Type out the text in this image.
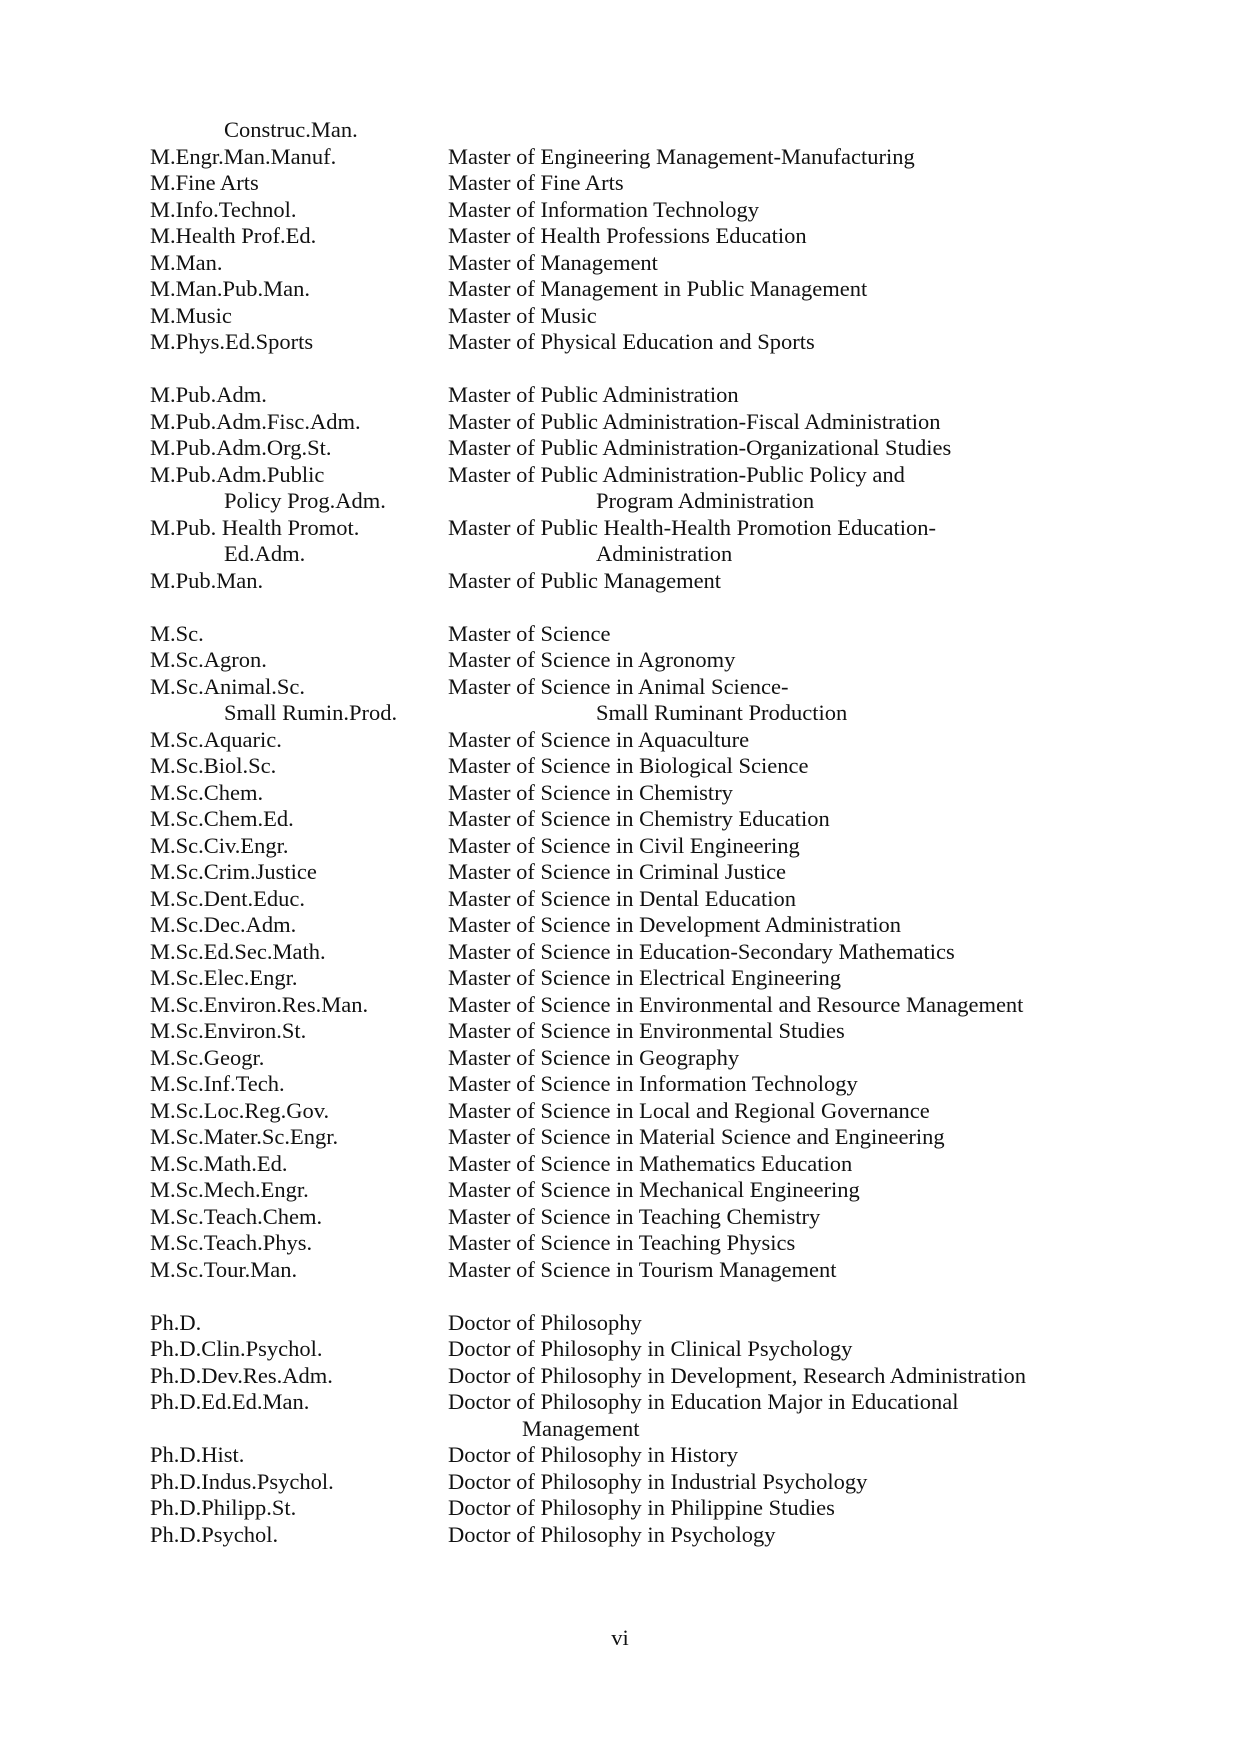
Construc.Man.
M.Engr.Man.Manuf.	Master of Engineering Management-Manufacturing
M.Fine Arts	Master of Fine Arts
M.Info.Technol.	Master of Information Technology
M.Health Prof.Ed.	Master of Health Professions Education
M.Man.	Master of Management
M.Man.Pub.Man.	Master of Management in Public Management
M.Music	Master of Music
M.Phys.Ed.Sports	Master of Physical Education and Sports
M.Pub.Adm.	Master of Public Administration
M.Pub.Adm.Fisc.Adm.	Master of Public Administration-Fiscal Administration
M.Pub.Adm.Org.St.	Master of Public Administration-Organizational Studies
M.Pub.Adm.Public	Master of Public Administration-Public Policy and
Policy Prog.Adm.	Program Administration
M.Pub. Health Promot.	Master of Public Health-Health Promotion Education-
Ed.Adm.	Administration
M.Pub.Man.	Master of Public Management
M.Sc.	Master of Science
M.Sc.Agron.	Master of Science in Agronomy
M.Sc.Animal.Sc.	Master of Science in Animal Science-
Small Rumin.Prod.	Small Ruminant Production
M.Sc.Aquaric.	Master of Science in Aquaculture
M.Sc.Biol.Sc.	Master of Science in Biological Science
M.Sc.Chem.	Master of Science in Chemistry
M.Sc.Chem.Ed.	Master of Science in Chemistry Education
M.Sc.Civ.Engr.	Master of Science in Civil Engineering
M.Sc.Crim.Justice	Master of Science in Criminal Justice
M.Sc.Dent.Educ.	Master of Science in Dental Education
M.Sc.Dec.Adm.	Master of Science in Development Administration
M.Sc.Ed.Sec.Math.	Master of Science in Education-Secondary Mathematics
M.Sc.Elec.Engr.	Master of Science in Electrical Engineering
M.Sc.Environ.Res.Man.	Master of Science in Environmental and Resource Management
M.Sc.Environ.St.	Master of Science in Environmental Studies
M.Sc.Geogr.	Master of Science in Geography
M.Sc.Inf.Tech.	Master of Science in Information Technology
M.Sc.Loc.Reg.Gov.	Master of Science in Local and Regional Governance
M.Sc.Mater.Sc.Engr.	Master of Science in Material Science and Engineering
M.Sc.Math.Ed.	Master of Science in Mathematics Education
M.Sc.Mech.Engr.	Master of Science in Mechanical Engineering
M.Sc.Teach.Chem.	Master of Science in Teaching Chemistry
M.Sc.Teach.Phys.	Master of Science in Teaching Physics
M.Sc.Tour.Man.	Master of Science in Tourism Management
Ph.D.	Doctor of Philosophy
Ph.D.Clin.Psychol.	Doctor of Philosophy in Clinical Psychology
Ph.D.Dev.Res.Adm.	Doctor of Philosophy in Development, Research Administration
Ph.D.Ed.Ed.Man.	Doctor of Philosophy in Education Major in Educational
Management
Ph.D.Hist.	Doctor of Philosophy in History
Ph.D.Indus.Psychol.	Doctor of Philosophy in Industrial Psychology
Ph.D.Philipp.St.	Doctor of Philosophy in Philippine Studies
Ph.D.Psychol.	Doctor of Philosophy in Psychology
vi
